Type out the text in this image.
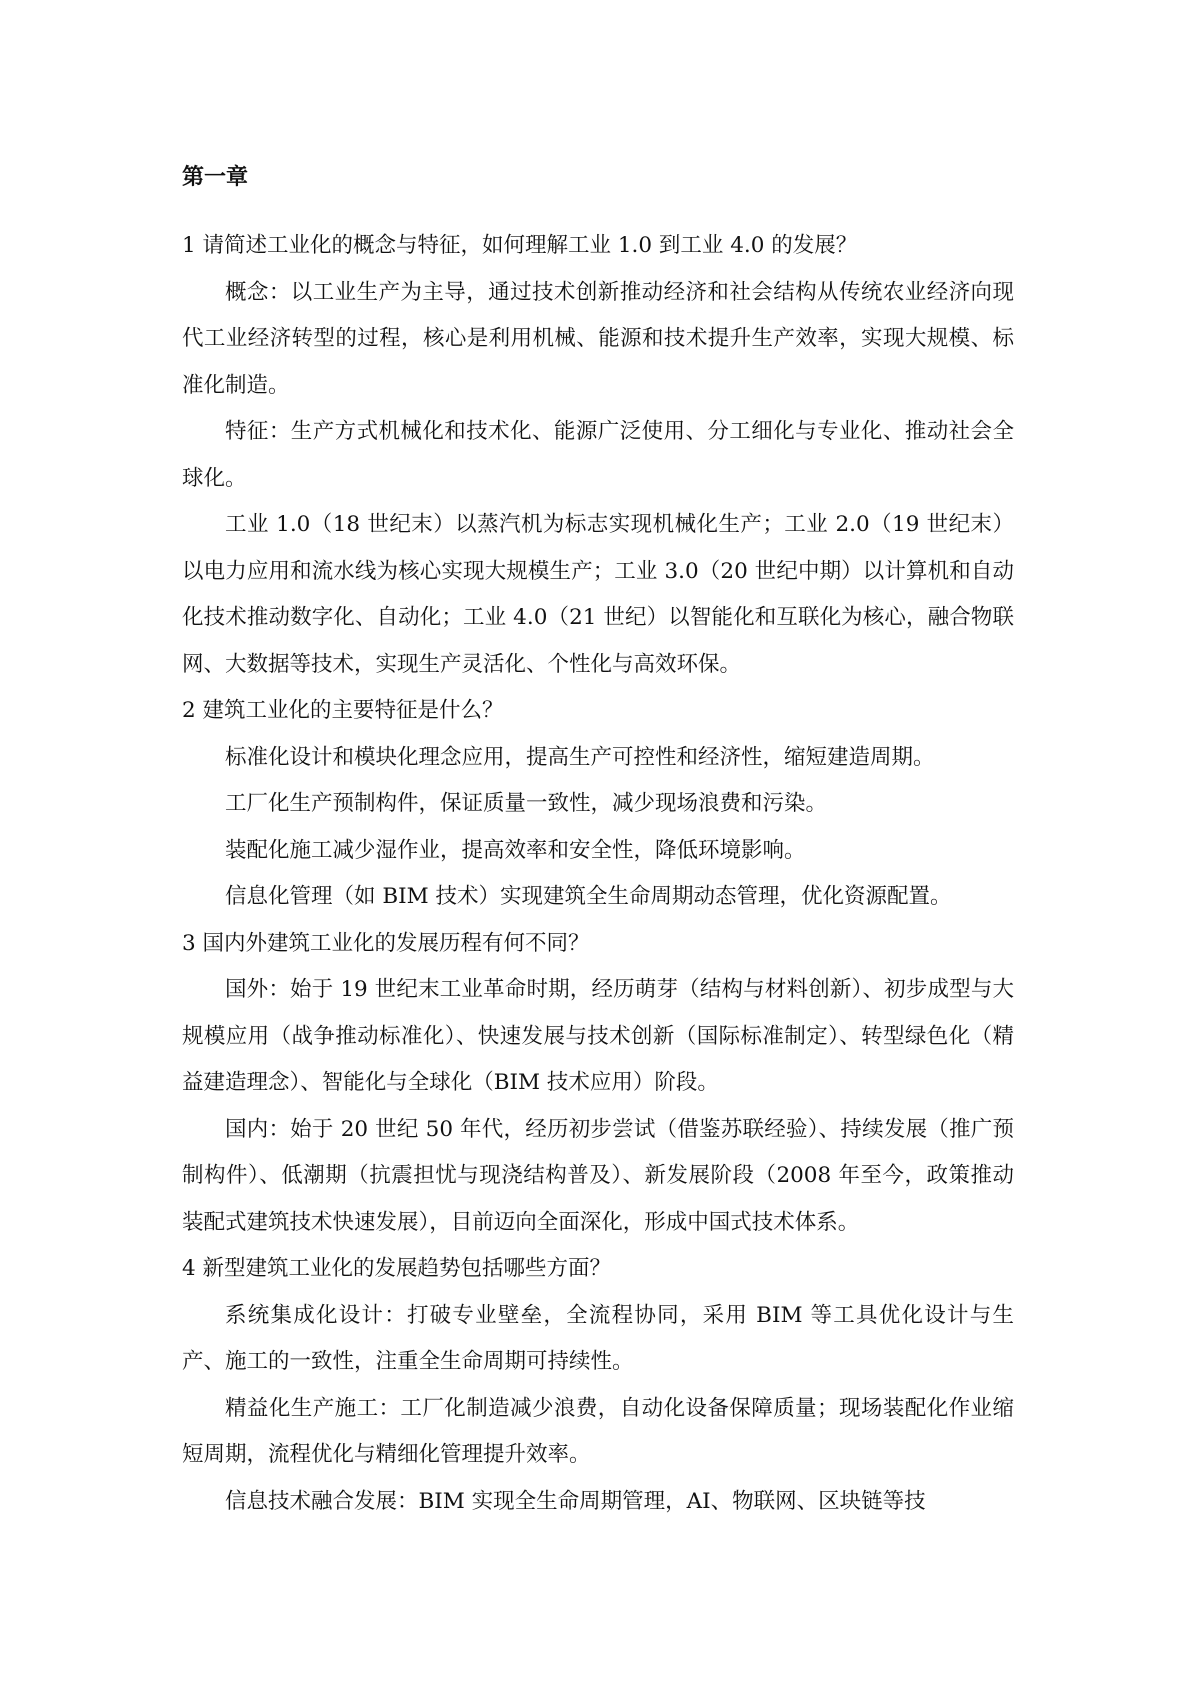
第一章

1 请简述工业化的概念与特征，如何理解工业 1.0 到工业 4.0 的发展？

概念：以工业生产为主导，通过技术创新推动经济和社会结构从传统农业经济向现代工业经济转型的过程，核心是利用机械、能源和技术提升生产效率，实现大规模、标准化制造。

特征：生产方式机械化和技术化、能源广泛使用、分工细化与专业化、推动社会全球化。

工业 1.0（18 世纪末）以蒸汽机为标志实现机械化生产；工业 2.0（19 世纪末）以电力应用和流水线为核心实现大规模生产；工业 3.0（20 世纪中期）以计算机和自动化技术推动数字化、自动化；工业 4.0（21 世纪）以智能化和互联化为核心，融合物联网、大数据等技术，实现生产灵活化、个性化与高效环保。

2 建筑工业化的主要特征是什么？

标准化设计和模块化理念应用，提高生产可控性和经济性，缩短建造周期。

工厂化生产预制构件，保证质量一致性，减少现场浪费和污染。

装配化施工减少湿作业，提高效率和安全性，降低环境影响。

信息化管理（如 BIM 技术）实现建筑全生命周期动态管理，优化资源配置。

3 国内外建筑工业化的发展历程有何不同？

国外：始于 19 世纪末工业革命时期，经历萌芽（结构与材料创新）、初步成型与大规模应用（战争推动标准化）、快速发展与技术创新（国际标准制定）、转型绿色化（精益建造理念）、智能化与全球化（BIM 技术应用）阶段。

国内：始于 20 世纪 50 年代，经历初步尝试（借鉴苏联经验）、持续发展（推广预制构件）、低潮期（抗震担忧与现浇结构普及）、新发展阶段（2008 年至今，政策推动装配式建筑技术快速发展），目前迈向全面深化，形成中国式技术体系。

4 新型建筑工业化的发展趋势包括哪些方面？

系统集成化设计：打破专业壁垒，全流程协同，采用 BIM 等工具优化设计与生产、施工的一致性，注重全生命周期可持续性。

精益化生产施工：工厂化制造减少浪费，自动化设备保障质量；现场装配化作业缩短周期，流程优化与精细化管理提升效率。

信息技术融合发展：BIM 实现全生命周期管理，AI、物联网、区块链等技
